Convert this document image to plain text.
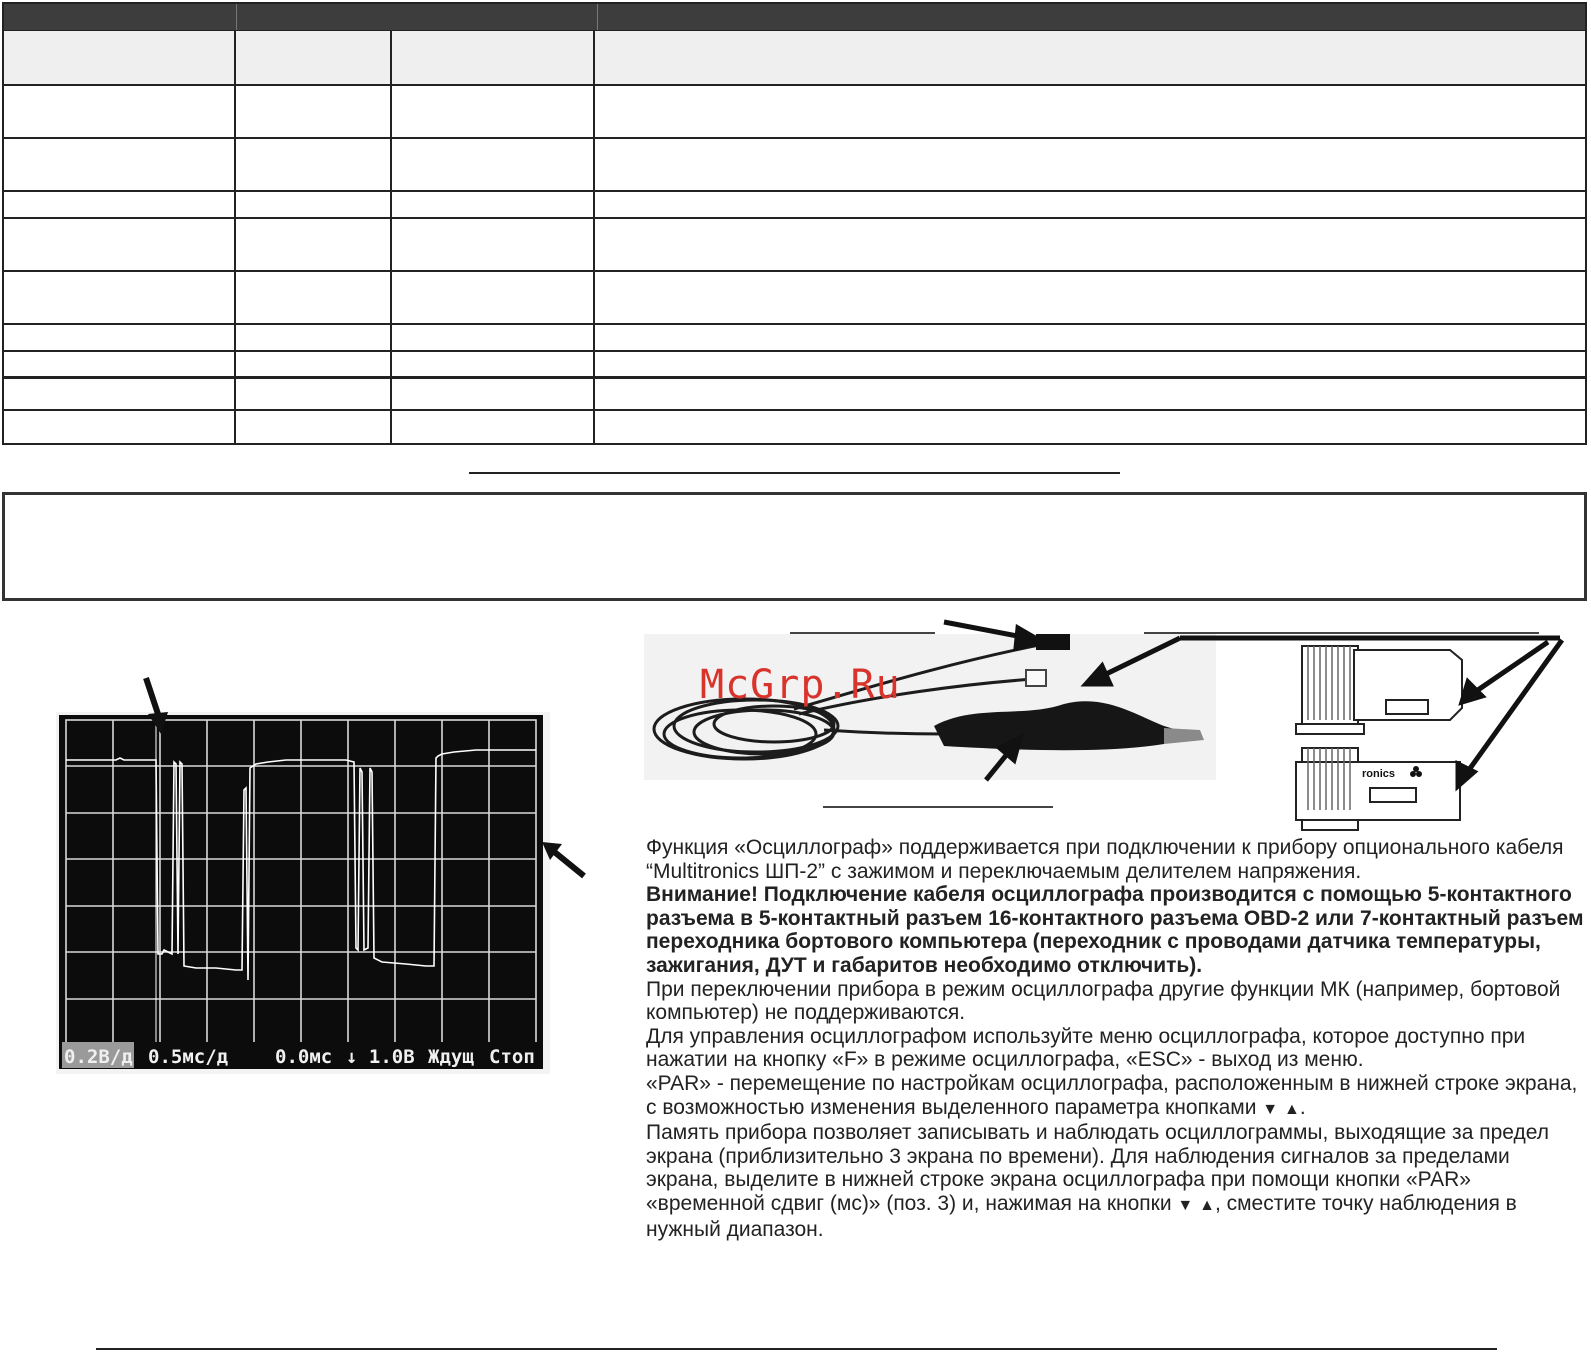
0.2В/д

0.5мс/д

0.0мс

↓ 1.0В

Ждущ

Стоп

McGrp.Ru
ronics

Функция «Осциллограф» поддерживается при подключении к прибору опционального кабеля “Multitronics ШП-2” с зажимом и переключаемым делителем напряжения.

Внимание! Подключение кабеля осциллографа производится с помощью 5-контактного разъема в 5-контактный разъем 16-контактного разъема OBD-2 или 7-контактный разъем переходника бортового компьютера (переходник с проводами датчика температуры, зажигания, ДУТ и габаритов необходимо отключить).

При переключении прибора в режим осциллографа другие функции МК (например, бортовой компьютер) не поддерживаются.

Для управления осциллографом используйте меню осциллографа, которое доступно при нажатии на кнопку «F» в режиме осциллографа, «ESC» - выход из меню.

«PAR» - перемещение по настройкам осциллографа, расположенным в нижней строке экрана, с возможностью изменения выделенного параметра кнопками ▼ ▲.

Память прибора позволяет записывать и наблюдать осциллограммы, выходящие за предел экрана (приблизительно 3 экрана по времени). Для наблюдения сигналов за пределами экрана, выделите в нижней строке экрана осциллографа при помощи кнопки «PAR» «временной сдвиг (мс)» (поз. 3) и, нажимая на кнопки ▼ ▲, сместите точку наблюдения в нужный диапазон.
